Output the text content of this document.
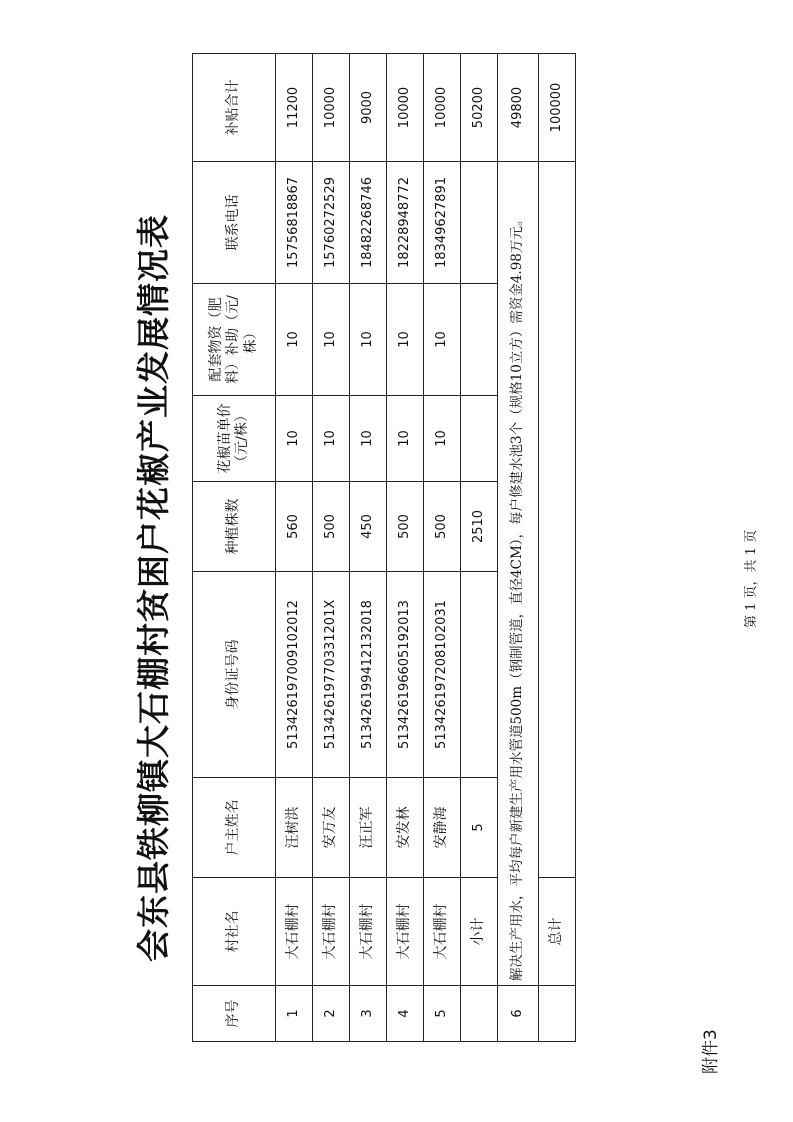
附件3
会东县铁柳镇大石棚村贫困户花椒产业发展情况表
序号	村社名	户主姓名	身份证号码	种植株数	花椒苗单价（元/株）	配套物资（肥料）补助（元/株）	联系电话	补贴合计
1	大石棚村	汪树洪	513426197009102012	560	10	10	15756818867	11200
2	大石棚村	安万友	51342619770331201X	500	10	10	15760272529	10000
3	大石棚村	汪正军	513426199412132018	450	10	10	18482268746	9000
4	大石棚村	安发林	513426196605192013	500	10	10	18228948772	10000
5	大石棚村	安静海	513426197208102031	500	10	10	18349627891	10000
	小计	5		2510				50200
6	解决生产用水，平均每户新建生产用水管道500m（钢制管道，直径4CM），每户修建水池3个（规格10立方）需资金4.98万元。							49800
	总计							100000
第 1 页，共 1 页
